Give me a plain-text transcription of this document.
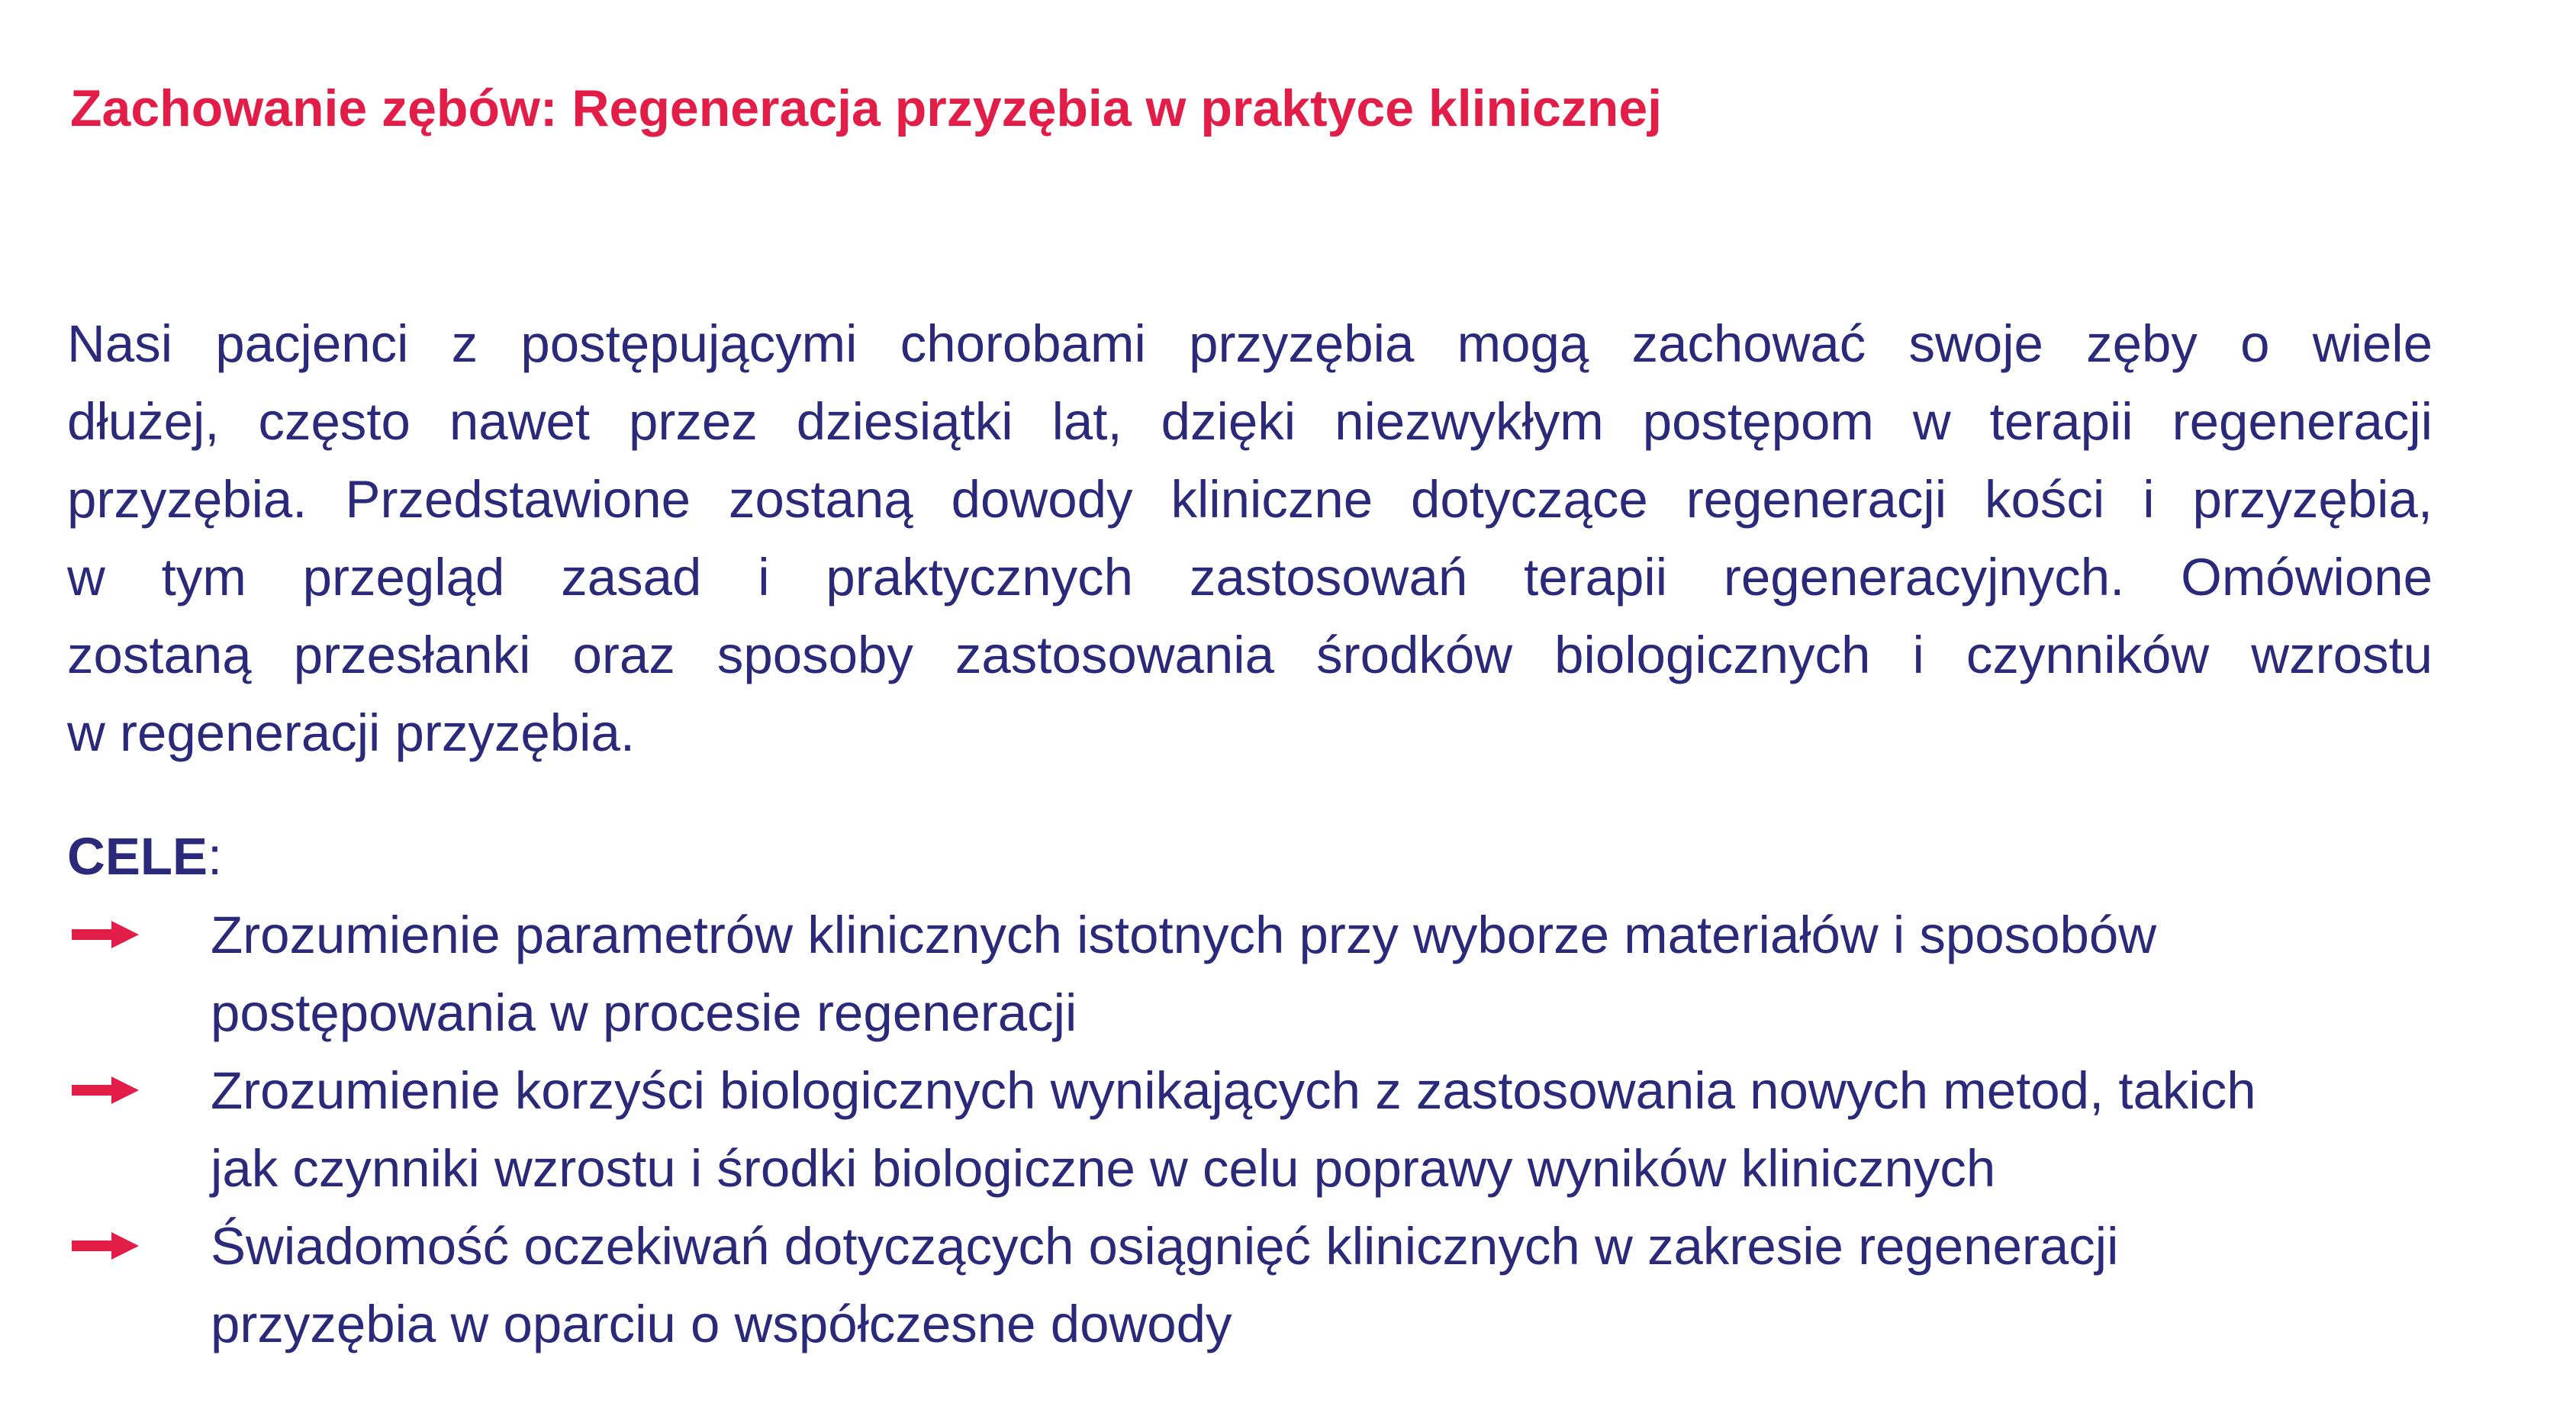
Zachowanie zębów: Regeneracja przyzębia w praktyce klinicznej
Nasi pacjenci z postępującymi chorobami przyzębia mogą zachować swoje zęby o wiele
dłużej, często nawet przez dziesiątki lat, dzięki niezwykłym postępom w terapii regeneracji
przyzębia. Przedstawione zostaną dowody kliniczne dotyczące regeneracji kości i przyzębia,
w tym przegląd zasad i praktycznych zastosowań terapii regeneracyjnych. Omówione
zostaną przesłanki oraz sposoby zastosowania środków biologicznych i czynników wzrostu
w regeneracji przyzębia.
CELE:
Zrozumienie parametrów klinicznych istotnych przy wyborze materiałów i sposobów
postępowania w procesie regeneracji
Zrozumienie korzyści biologicznych wynikających z zastosowania nowych metod, takich
jak czynniki wzrostu i środki biologiczne w celu poprawy wyników klinicznych
Świadomość oczekiwań dotyczących osiągnięć klinicznych w zakresie regeneracji
przyzębia w oparciu o współczesne dowody
